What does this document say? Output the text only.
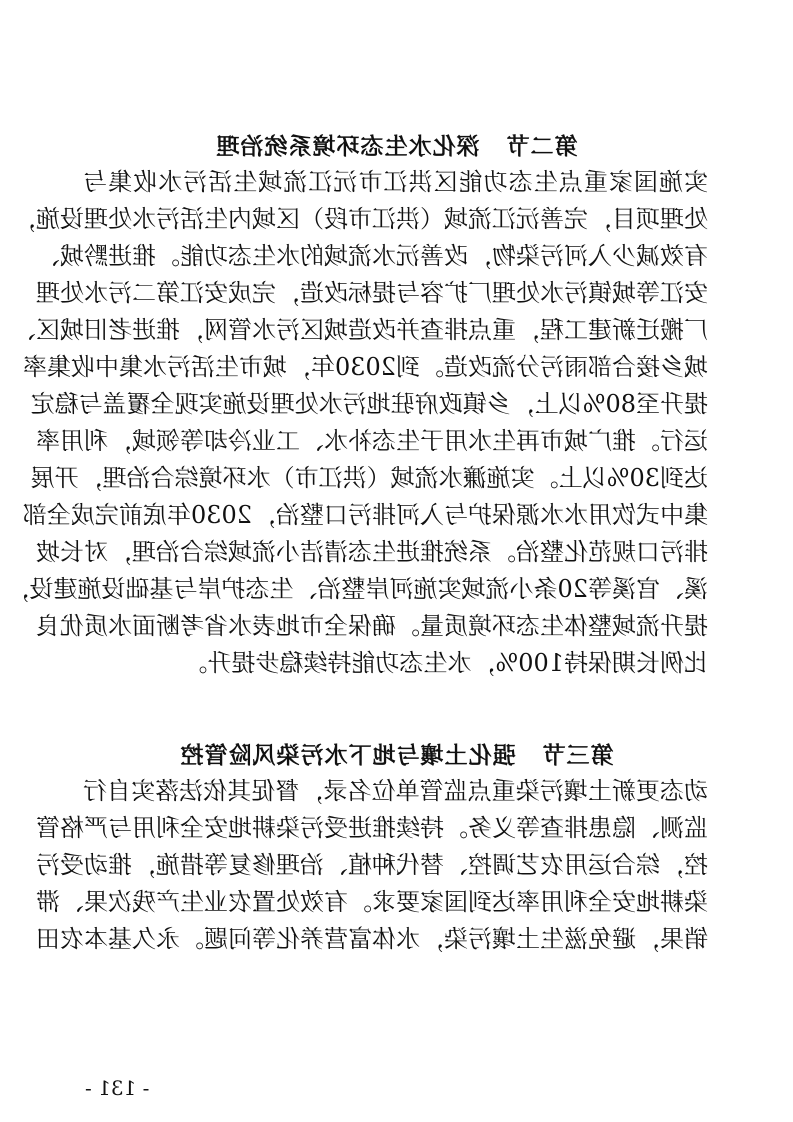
第二节深化水生态环境系统治理
实施国家重点生态功能区洪江市沅江流域生活污水收集与
处理项目，完善沅江流域（洪江市段）区域内生活污水处理设施，
有效减少入河污染物，改善沅水流域的水生态功能。推进黔城、
安江等城镇污水处理厂扩容与提标改造，完成安江第二污水处理
厂搬迁新建工程，重点排查并改造城区污水管网，推进老旧城区、
城乡接合部雨污分流改造。到2030年，城市生活污水集中收集率
提升至80%以上，乡镇政府驻地污水处理设施实现全覆盖与稳定
运行。推广城市再生水用于生态补水、工业冷却等领域，利用率
达到30%以上。实施濂水流域（洪江市）水环境综合治理，开展
集中式饮用水水源保护与入河排污口整治，2030年底前完成全部
排污口规范化整治。系统推进生态清洁小流域综合治理，对长坡
溪、官溪等20条小流域实施河岸整治、生态护岸与基础设施建设，
提升流域整体生态环境质量。确保全市地表水省考断面水质优良
比例长期保持100%，水生态功能持续稳步提升。
第三节强化土壤与地下水污染风险管控
动态更新土壤污染重点监管单位名录，督促其依法落实自行
监测、隐患排查等义务。持续推进受污染耕地安全利用与严格管
控，综合运用农艺调控、替代种植、治理修复等措施，推动受污
染耕地安全利用率达到国家要求。有效处置农业生产残次果、滞
销果，避免滋生土壤污染，水体富营养化等问题。永久基本农田
- 131 -
